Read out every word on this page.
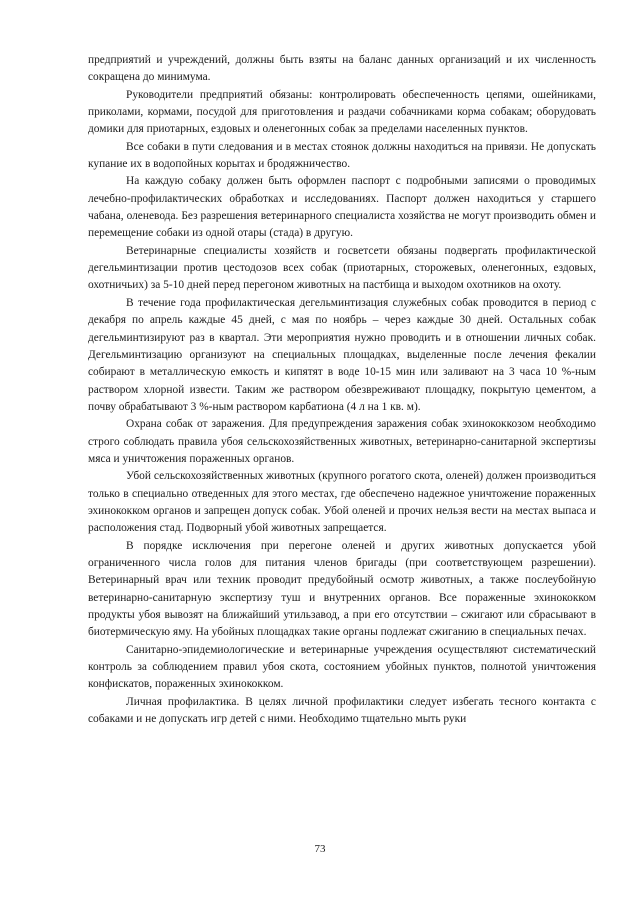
предприятий и учреждений, должны быть взяты на баланс данных организаций и их численность сокращена до минимума.

Руководители предприятий обязаны: контролировать обеспеченность цепями, ошейниками, приколами, кормами, посудой для приготовления и раздачи собачниками корма собакам; оборудовать домики для приотарных, ездовых и оленегонных собак за пределами населенных пунктов.

Все собаки в пути следования и в местах стоянок должны находиться на привязи. Не допускать купание их в водопойных корытах и бродяжничество.

На каждую собаку должен быть оформлен паспорт с подробными записями о проводимых лечебно-профилактических обработках и исследованиях. Паспорт должен находиться у старшего чабана, оленевода. Без разрешения ветеринарного специалиста хозяйства не могут производить обмен и перемещение собаки из одной отары (стада) в другую.

Ветеринарные специалисты хозяйств и госветсети обязаны подвергать профилактической дегельминтизации против цестодозов всех собак (приотарных, сторожевых, оленегонных, ездовых, охотничьих) за 5-10 дней перед перегоном животных на пастбища и выходом охотников на охоту.

В течение года профилактическая дегельминтизация служебных собак проводится в период с декабря по апрель каждые 45 дней, с мая по ноябрь – через каждые 30 дней. Остальных собак дегельминтизируют раз в квартал. Эти мероприятия нужно проводить и в отношении личных собак. Дегельминтизацию организуют на специальных площадках, выделенные после лечения фекалии собирают в металлическую емкость и кипятят в воде 10-15 мин или заливают на 3 часа 10 %-ным раствором хлорной извести. Таким же раствором обезвреживают площадку, покрытую цементом, а почву обрабатывают 3 %-ным раствором карбатиона (4 л на 1 кв. м).

Охрана собак от заражения. Для предупреждения заражения собак эхинококкозом необходимо строго соблюдать правила убоя сельскохозяйственных животных, ветеринарно-санитарной экспертизы мяса и уничтожения пораженных органов.

Убой сельскохозяйственных животных (крупного рогатого скота, оленей) должен производиться только в специально отведенных для этого местах, где обеспечено надежное уничтожение пораженных эхинококком органов и запрещен допуск собак. Убой оленей и прочих нельзя вести на местах выпаса и расположения стад. Подворный убой животных запрещается.

В порядке исключения при перегоне оленей и других животных допускается убой ограниченного числа голов для питания членов бригады (при соответствующем разрешении). Ветеринарный врач или техник проводит предубойный осмотр животных, а также послеубойную ветеринарно-санитарную экспертизу туш и внутренних органов. Все пораженные эхинококком продукты убоя вывозят на ближайший утильзавод, а при его отсутствии – сжигают или сбрасывают в биотермическую яму. На убойных площадках такие органы подлежат сжиганию в специальных печах.

Санитарно-эпидемиологические и ветеринарные учреждения осуществляют систематический контроль за соблюдением правил убоя скота, состоянием убойных пунктов, полнотой уничтожения конфискатов, пораженных эхинококком.

Личная профилактика. В целях личной профилактики следует избегать тесного контакта с собаками и не допускать игр детей с ними. Необходимо тщательно мыть руки

73
